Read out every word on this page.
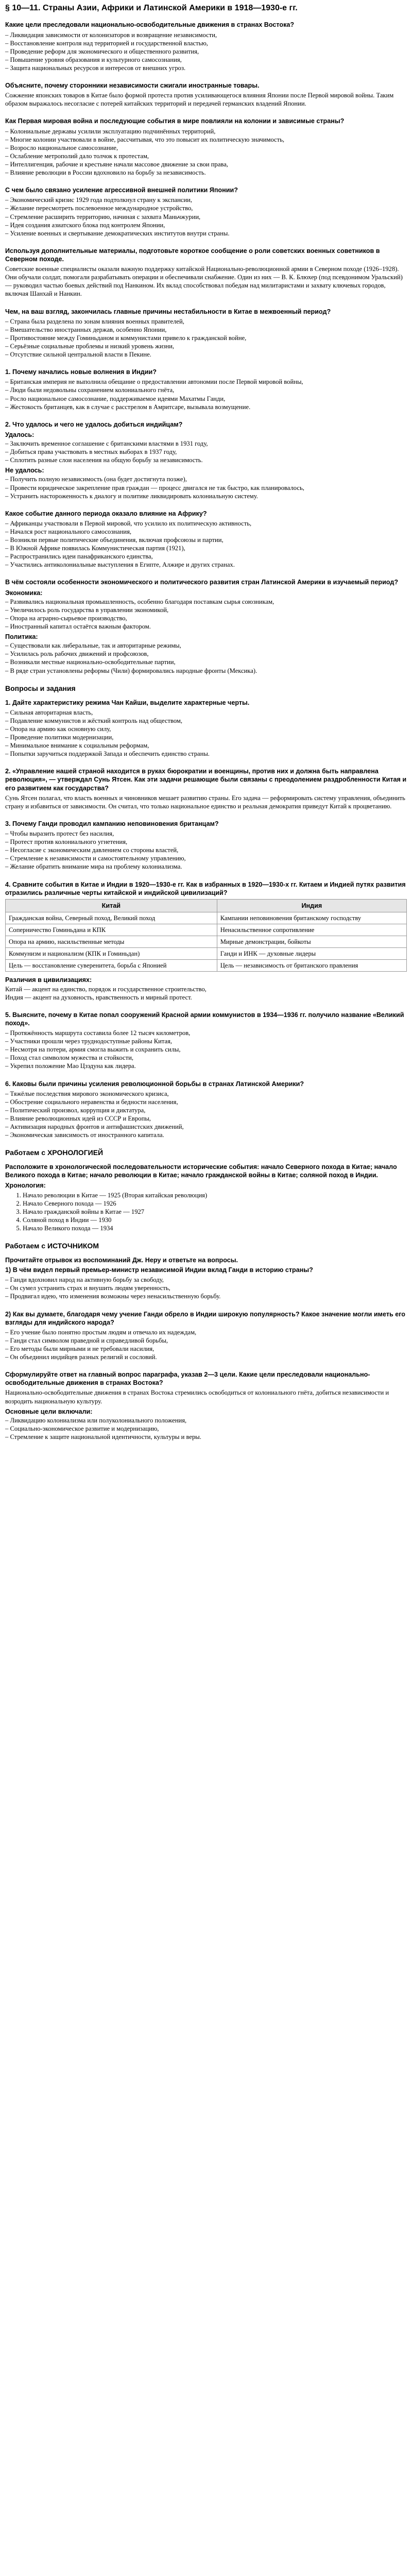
§ 10—11. Страны Азии, Африки и Латинской Америки в 1918—1930-е гг.

Какие цели преследовали национально-освободительные движения в странах Востока?

– Ликвидация зависимости от колонизаторов и возвращение независимости,

– Восстановление контроля над территорией и государственной властью,

– Проведение реформ для экономического и общественного развития,

– Повышение уровня образования и культурного самосознания,

– Защита национальных ресурсов и интересов от внешних угроз.

Объясните, почему сторонники независимости сжигали иностранные товары.

Сожжение японских товаров в Китае было формой протеста против усиливающегося влияния Японии после Первой мировой войны. Таким образом выражалось несогласие с потерей китайских территорий и передачей германских владений Японии.

Как Первая мировая война и последующие события в мире повлияли на колонии и зависимые страны?

– Колониальные державы усилили эксплуатацию подчинённых территорий,

– Многие колонии участвовали в войне, рассчитывая, что это повысит их политическую значимость,

– Возросло национальное самосознание,

– Ослабление метрополий дало толчок к протестам,

– Интеллигенция, рабочие и крестьяне начали массовое движение за свои права,

– Влияние революции в России вдохновило на борьбу за независимость.

С чем было связано усиление агрессивной внешней политики Японии?

– Экономический кризис 1929 года подтолкнул страну к экспансии,

– Желание пересмотреть послевоенное международное устройство,

– Стремление расширить территорию, начиная с захвата Маньчжурии,

– Идея создания азиатского блока под контролем Японии,

– Усиление военных и свертывание демократических институтов внутри страны.

Используя дополнительные материалы, подготовьте короткое сообщение о роли советских военных советников в Северном походе.

Советские военные специалисты оказали важную поддержку китайской Национально-революционной армии в Северном походе (1926–1928). Они обучали солдат, помогали разрабатывать операции и обеспечивали снабжение. Один из них — В. К. Блюхер (под псевдонимом Уральский) — руководил частью боевых действий под Нанкином. Их вклад способствовал победам над милитаристами и захвату ключевых городов, включая Шанхай и Нанкин.

Чем, на ваш взгляд, закончилась главные причины нестабильности в Китае в межвоенный период?

– Страна была разделена по зонам влияния военных правителей,

– Вмешательство иностранных держав, особенно Японии,

– Противостояние между Гоминьданом и коммунистами привело к гражданской войне,

– Серьёзные социальные проблемы и низкий уровень жизни,

– Отсутствие сильной центральной власти в Пекине.

1. Почему начались новые волнения в Индии?

– Британская империя не выполнила обещание о предоставлении автономии после Первой мировой войны,

– Люди были недовольны сохранением колониального гнёта,

– Росло национальное самосознание, поддерживаемое идеями Махатмы Ганди,

– Жестокость британцев, как в случае с расстрелом в Амритсаре, вызывала возмущение.

2. Что удалось и чего не удалось добиться индийцам?

Удалось:

– Заключить временное соглашение с британскими властями в 1931 году,

– Добиться права участвовать в местных выборах в 1937 году,

– Сплотить разные слои населения на общую борьбу за независимость.

Не удалось:

– Получить полную независимость (она будет достигнута позже),

– Провести юридическое закрепление прав граждан — процесс двигался не так быстро, как планировалось,

– Устранить настороженность к диалогу и политике ликвидировать колониальную систему.

Какое событие данного периода оказало влияние на Африку?

– Африканцы участвовали в Первой мировой, что усилило их политическую активность,

– Начался рост национального самосознания,

– Возникли первые политические объединения, включая профсоюзы и партии,

– В Южной Африке появилась Коммунистическая партия (1921),

– Распространились идеи панафриканского единства,

– Участились антиколониальные выступления в Египте, Алжире и других странах.

В чём состояли особенности экономического и политического развития стран Латинской Америки в изучаемый период?

Экономика:

– Развивались национальная промышленность, особенно благодаря поставкам сырья союзникам,

– Увеличилось роль государства в управлении экономикой,

– Опора на аграрно-сырьевое производство,

– Иностранный капитал остаётся важным фактором.

Политика:

– Существовали как либеральные, так и авторитарные режимы,

– Усилилась роль рабочих движений и профсоюзов,

– Возникали местные национально-освободительные партии,

– В ряде стран установлены реформы (Чили) формировались народные фронты (Мексика).

Вопросы и задания

1. Дайте характеристику режима Чан Кайши, выделите характерные черты.

– Сильная авторитарная власть,

– Подавление коммунистов и жёсткий контроль над обществом,

– Опора на армию как основную силу,

– Проведение политики модернизации,

– Минимальное внимание к социальным реформам,

– Попытки заручиться поддержкой Запада и обеспечить единство страны.

2. «Управление нашей страной находится в руках бюрократии и военщины, против них и должна быть направлена революция», — утверждал Сунь Ятсен. Как эти задачи решающие были связаны с преодолением раздробленности Китая и его развитием как государства?

Сунь Ятсен полагал, что власть военных и чиновников мешает развитию страны. Его задача — реформировать систему управления, объединить страну и избавиться от зависимости. Он считал, что только национальное единство и реальная демократия приведут Китай к процветанию.

3. Почему Ганди проводил кампанию неповиновения британцам?

– Чтобы выразить протест без насилия,

– Протест против колониального угнетения,

– Несогласие с экономическим давлением со стороны властей,

– Стремление к независимости и самостоятельному управлению,

– Желание обратить внимание мира на проблему колониализма.

4. Сравните события в Китае и Индии в 1920—1930-е гг. Как в избранных в 1920—1930-х гг. Китаем и Индией путях развития отразились различные черты китайской и индийской цивилизаций?

Китай	Индия
Гражданская война, Северный поход, Великий поход	Кампании неповиновения британскому господству
Соперничество Гоминьдана и КПК	Ненасильственное сопротивление
Опора на армию, насильственные методы	Мирные демонстрации, бойкоты
Коммунизм и национализм (КПК и Гоминьдан)	Ганди и ИНК — духовные лидеры
Цель — восстановление суверенитета, борьба с Японией	Цель — независимость от британского правления

Различия в цивилизациях:

Китай — акцент на единство, порядок и государственное строительство,

Индия — акцент на духовность, нравственность и мирный протест.

5. Выясните, почему в Китае попал сооружений Красной армии коммунистов в 1934—1936 гг. получило название «Великий поход».

– Протяжённость маршрута составила более 12 тысяч километров,

– Участники прошли через труднодоступные районы Китая,

– Несмотря на потери, армия смогла выжить и сохранить силы,

– Поход стал символом мужества и стойкости,

– Укрепил положение Мао Цзэдуна как лидера.

6. Каковы были причины усиления революционной борьбы в странах Латинской Америки?

– Тяжёлые последствия мирового экономического кризиса,

– Обострение социального неравенства и бедности населения,

– Политический произвол, коррупция и диктатура,

– Влияние революционных идей из СССР и Европы,

– Активизация народных фронтов и антифашистских движений,

– Экономическая зависимость от иностранного капитала.

Работаем с ХРОНОЛОГИЕЙ

Расположите в хронологической последовательности исторические события: начало Северного похода в Китае; начало Великого похода в Китае; начало революции в Китае; начало гражданской войны в Китае; соляной поход в Индии.

Хронология:

1. Начало революции в Китае — 1925 (Вторая китайская революция)
2. Начало Северного похода — 1926
3. Начало гражданской войны в Китае — 1927
4. Соляной поход в Индии — 1930
5. Начало Великого похода — 1934
Работаем с ИСТОЧНИКОМ

Прочитайте отрывок из воспоминаний Дж. Неру и ответьте на вопросы.

1) В чём видел первый премьер-министр независимой Индии вклад Ганди в историю страны?

– Ганди вдохновил народ на активную борьбу за свободу,

– Он сумел устранить страх и внушить людям уверенность,

– Продвигал идею, что изменения возможны через ненасильственную борьбу.

2) Как вы думаете, благодаря чему учение Ганди обрело в Индии широкую популярность? Какое значение могли иметь его взгляды для индийского народа?

– Его учение было понятно простым людям и отвечало их надеждам,

– Ганди стал символом праведной и справедливой борьбы,

– Его методы были мирными и не требовали насилия,

– Он объединил индийцев разных религий и сословий.

Сформулируйте ответ на главный вопрос параграфа, указав 2—3 цели. Какие цели преследовали национально-освободительные движения в странах Востока?

Национально-освободительные движения в странах Востока стремились освободиться от колониального гнёта, добиться независимости и возродить национальную культуру.

Основные цели включали:

– Ликвидацию колониализма или полуколониального положения,

– Социально-экономическое развитие и модернизацию,

– Стремление к защите национальной идентичности, культуры и веры.
